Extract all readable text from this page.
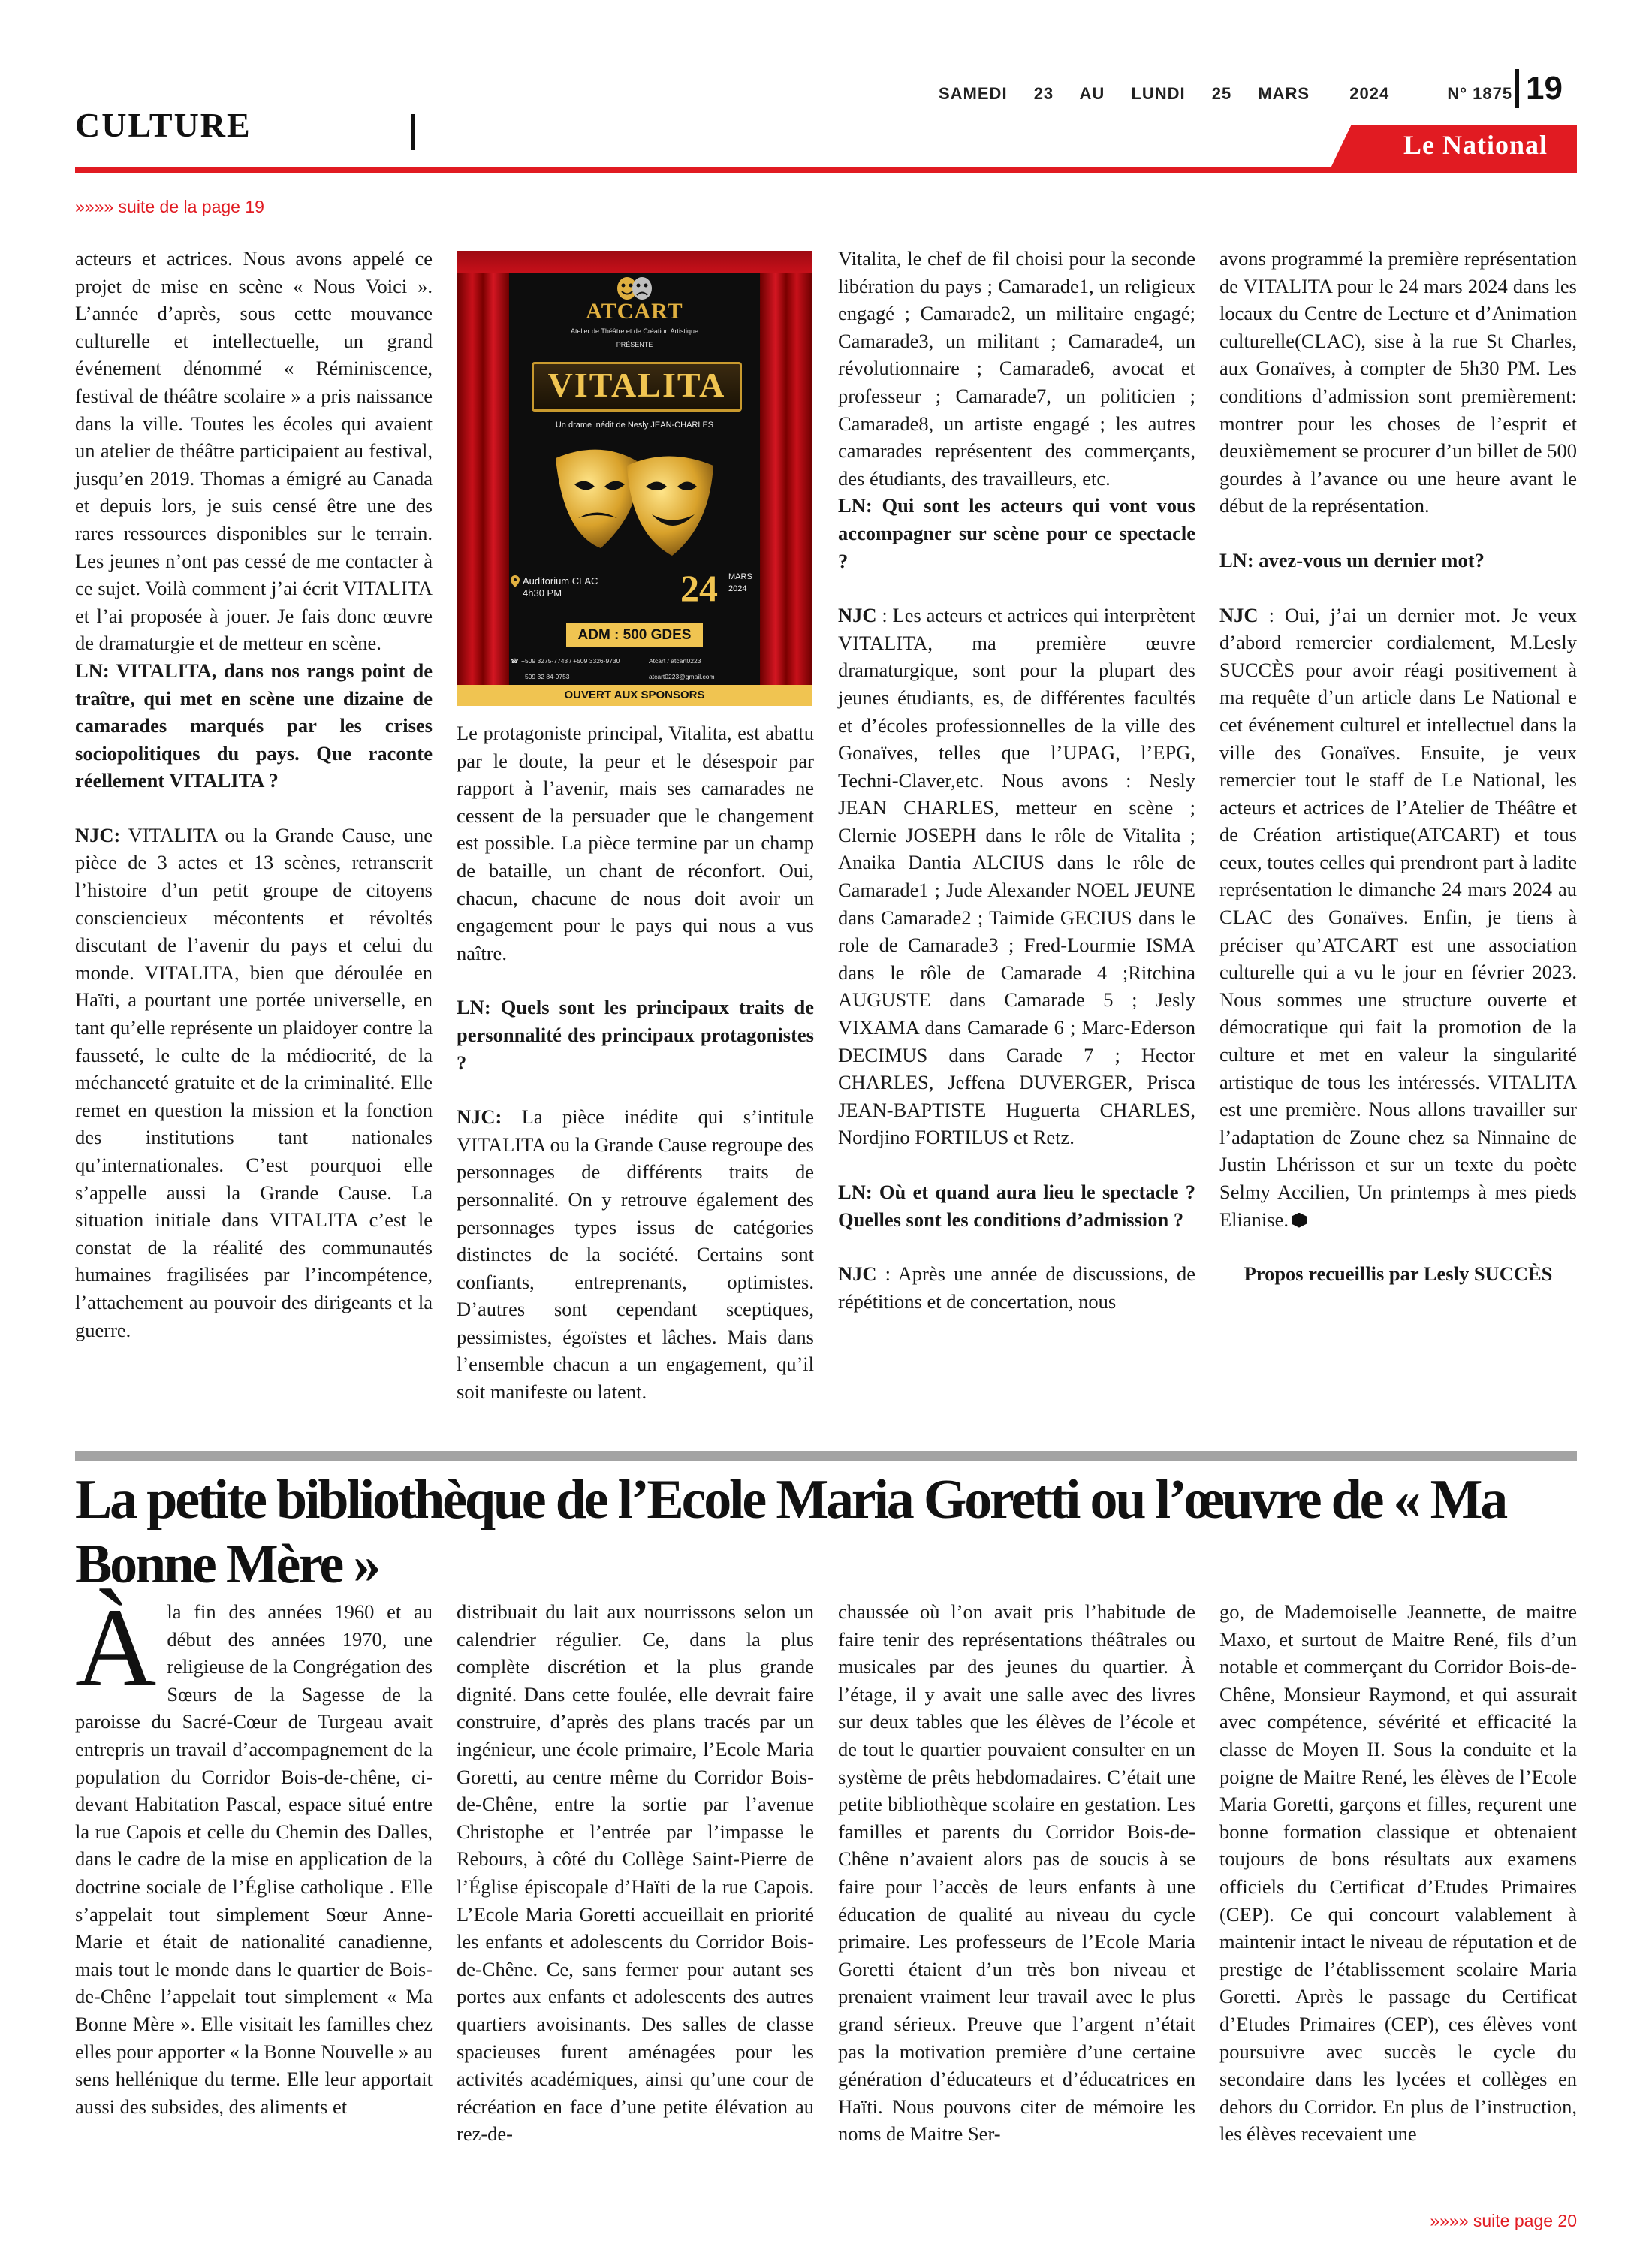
SAMEDI 23 AU LUNDI 25 MARS 2024	N° 1875 19
CULTURE
Le National
»»»» suite de la page 19

acteurs et actrices. Nous avons appelé ce projet de mise en scène « Nous Voici ». L’année d’après, sous cette mouvance culturelle et intellectuelle, un grand événement dénommé « Réminiscence, festival de théâtre scolaire » a pris naissance dans la ville. Toutes les écoles qui avaient un atelier de théâtre participaient au festival, jusqu’en 2019. Thomas a émigré au Canada et depuis lors, je suis censé être une des rares ressources disponibles sur le terrain. Les jeunes n’ont pas cessé de me contacter à ce sujet. Voilà comment j’ai écrit VITALITA et l’ai proposée à jouer. Je fais donc œuvre de dramaturgie et de metteur en scène.

LN: VITALITA, dans nos rangs point de traître, qui met en scène une dizaine de camarades marqués par les crises sociopolitiques du pays. Que raconte réellement VITALITA ?

NJC: VITALITA ou la Grande Cause, une pièce de 3 actes et 13 scènes, retranscrit l’histoire d’un petit groupe de citoyens consciencieux mécontents et révoltés discutant de l’avenir du pays et celui du monde. VITALITA, bien que déroulée en Haïti, a pourtant une portée universelle, en tant qu’elle représente un plaidoyer contre la fausseté, le culte de la médiocrité, de la méchanceté gratuite et de la criminalité. Elle remet en question la mission et la fonction des institutions tant nationales qu’internationales. C’est pourquoi elle s’appelle aussi la Grande Cause. La situation initiale dans VITALITA c’est le constat de la réalité des communautés humaines fragilisées par l’incompétence, l’attachement au pouvoir des dirigeants et la guerre.

ATCART
Atelier de Théâtre et de Création Artistique
PRÉSENTE
VITALITA
Un drame inédit de Nesly JEAN-CHARLES
Auditorium CLAC
4h30 PM	24 MARS
2024
ADM : 500 GDES
☎ +509 3275-7743 / +509 3326-9730
+509 32 84-9753
Atcart / atcart0223
atcart0223@gmail.com
OUVERT AUX SPONSORS

Le protagoniste principal, Vitalita, est abattu par le doute, la peur et le désespoir par rapport à l’avenir, mais ses camarades ne cessent de la persuader que le changement est possible. La pièce termine par un champ de bataille, un chant de réconfort. Oui, chacun, chacune de nous doit avoir un engagement pour le pays qui nous a vus naître.

LN: Quels sont les principaux traits de personnalité des principaux protagonistes ?

NJC: La pièce inédite qui s’intitule VITALITA ou la Grande Cause regroupe des personnages de différents traits de personnalité. On y retrouve également des personnages types issus de catégories distinctes de la société. Certains sont confiants, entreprenants, optimistes. D’autres sont cependant sceptiques, pessimistes, égoïstes et lâches. Mais dans l’ensemble chacun a un engagement, qu’il soit manifeste ou latent.

Vitalita, le chef de fil choisi pour la seconde libération du pays ; Camarade1, un religieux engagé ; Camarade2, un militaire engagé; Camarade3, un militant ; Camarade4, un révolutionnaire ; Camarade6, avocat et professeur ; Camarade7, un politicien ; Camarade8, un artiste engagé ; les autres camarades représentent des commerçants, des étudiants, des travailleurs, etc.

LN: Qui sont les acteurs qui vont vous accompagner sur scène pour ce spectacle ?

NJC : Les acteurs et actrices qui interprètent VITALITA, ma première œuvre dramaturgique, sont pour la plupart des jeunes étudiants, es, de différentes facultés et d’écoles professionnelles de la ville des Gonaïves, telles que l’UPAG, l’EPG, Techni-Claver,etc. Nous avons : Nesly JEAN CHARLES, metteur en scène ; Clernie JOSEPH dans le rôle de Vitalita ; Anaika Dantia ALCIUS dans le rôle de Camarade1 ; Jude Alexander NOEL JEUNE dans Camarade2 ; Taimide GECIUS dans le role de Camarade3 ; Fred-Lourmie ISMA dans le rôle de Camarade 4 ;Ritchina AUGUSTE dans Camarade 5 ; Jesly VIXAMA dans Camarade 6 ; Marc-Ederson DECIMUS dans Carade 7 ; Hector CHARLES, Jeffena DUVERGER, Prisca JEAN-BAPTISTE Huguerta CHARLES, Nordjino FORTILUS et Retz.

LN: Où et quand aura lieu le spectacle ? Quelles sont les conditions d’admission ?

NJC : Après une année de discussions, de répétitions et de concertation, nous

avons programmé la première représentation de VITALITA pour le 24 mars 2024 dans les locaux du Centre de Lecture et d’Animation culturelle(CLAC), sise à la rue St Charles, aux Gonaïves, à compter de 5h30 PM. Les conditions d’admission sont premièrement: montrer pour les choses de l’esprit et deuxièmement se procurer d’un billet de 500 gourdes à l’avance ou une heure avant le début de la représentation.

LN: avez-vous un dernier mot?

NJC : Oui, j’ai un dernier mot. Je veux d’abord remercier cordialement, M.Lesly SUCCÈS pour avoir réagi positivement à ma requête d’un article dans Le National e cet événement culturel et intellectuel dans la ville des Gonaïves. Ensuite, je veux remercier tout le staff de Le National, les acteurs et actrices de l’Atelier de Théâtre et de Création artistique(ATCART) et tous ceux, toutes celles qui prendront part à ladite représentation le dimanche 24 mars 2024 au CLAC des Gonaïves. Enfin, je tiens à préciser qu’ATCART est une association culturelle qui a vu le jour en février 2023. Nous sommes une structure ouverte et démocratique qui fait la promotion de la culture et met en valeur la singularité artistique de tous les intéressés. VITALITA est une première. Nous allons travailler sur l’adaptation de Zoune chez sa Ninnaine de Justin Lhérisson et sur un texte du poète Selmy Accilien, Un printemps à mes pieds Elianise.

Propos recueillis par Lesly SUCCÈS

La petite bibliothèque de l’Ecole Maria Goretti ou l’œuvre de « Ma Bonne Mère »
À la fin des années 1960 et au début des années 1970, une religieuse de la Congrégation des Sœurs de la Sagesse de la paroisse du Sacré-Cœur de Turgeau avait entrepris un travail d’accompagnement de la population du Corridor Bois-de-chêne, ci-devant Habitation Pascal, espace situé entre la rue Capois et celle du Chemin des Dalles, dans le cadre de la mise en application de la doctrine sociale de l’Église catholique . Elle s’appelait tout simplement Sœur Anne-Marie et était de nationalité canadienne, mais tout le monde dans le quartier de Bois-de-Chêne l’appelait tout simplement « Ma Bonne Mère ». Elle visitait les familles chez elles pour apporter « la Bonne Nouvelle » au sens hellénique du terme. Elle leur apportait aussi des subsides, des aliments et

distribuait du lait aux nourrissons selon un calendrier régulier. Ce, dans la plus complète discrétion et la plus grande dignité. Dans cette foulée, elle devrait faire construire, d’après des plans tracés par un ingénieur, une école primaire, l’Ecole Maria Goretti, au centre même du Corridor Bois-de-Chêne, entre la sortie par l’avenue Christophe et l’entrée par l’impasse le Rebours, à côté du Collège Saint-Pierre de l’Église épiscopale d’Haïti de la rue Capois. L’Ecole Maria Goretti accueillait en priorité les enfants et adolescents du Corridor Bois-de-Chêne. Ce, sans fermer pour autant ses portes aux enfants et adolescents des autres quartiers avoisinants. Des salles de classe spacieuses furent aménagées pour les activités académiques, ainsi qu’une cour de récréation en face d’une petite élévation au rez-de-

chaussée où l’on avait pris l’habitude de faire tenir des représentations théâtrales ou musicales par des jeunes du quartier. À l’étage, il y avait une salle avec des livres sur deux tables que les élèves de l’école et de tout le quartier pouvaient consulter en un système de prêts hebdomadaires. C’était une petite bibliothèque scolaire en gestation. Les familles et parents du Corridor Bois-de-Chêne n’avaient alors pas de soucis à se faire pour l’accès de leurs enfants à une éducation de qualité au niveau du cycle primaire. Les professeurs de l’Ecole Maria Goretti étaient d’un très bon niveau et prenaient vraiment leur travail avec le plus grand sérieux. Preuve que l’argent n’était pas la motivation première d’une certaine génération d’éducateurs et d’éducatrices en Haïti. Nous pouvons citer de mémoire les noms de Maitre Ser-

go, de Mademoiselle Jeannette, de maitre Maxo, et surtout de Maitre René, fils d’un notable et commerçant du Corridor Bois-de-Chêne, Monsieur Raymond, et qui assurait avec compétence, sévérité et efficacité la classe de Moyen II. Sous la conduite et la poigne de Maitre René, les élèves de l’Ecole Maria Goretti, garçons et filles, reçurent une bonne formation classique et obtenaient toujours de bons résultats aux examens officiels du Certificat d’Etudes Primaires (CEP). Ce qui concourt valablement à maintenir intact le niveau de réputation et de prestige de l’établissement scolaire Maria Goretti. Après le passage du Certificat d’Etudes Primaires (CEP), ces élèves vont poursuivre avec succès le cycle du secondaire dans les lycées et collèges en dehors du Corridor. En plus de l’instruction, les élèves recevaient une

»»»» suite page 20
